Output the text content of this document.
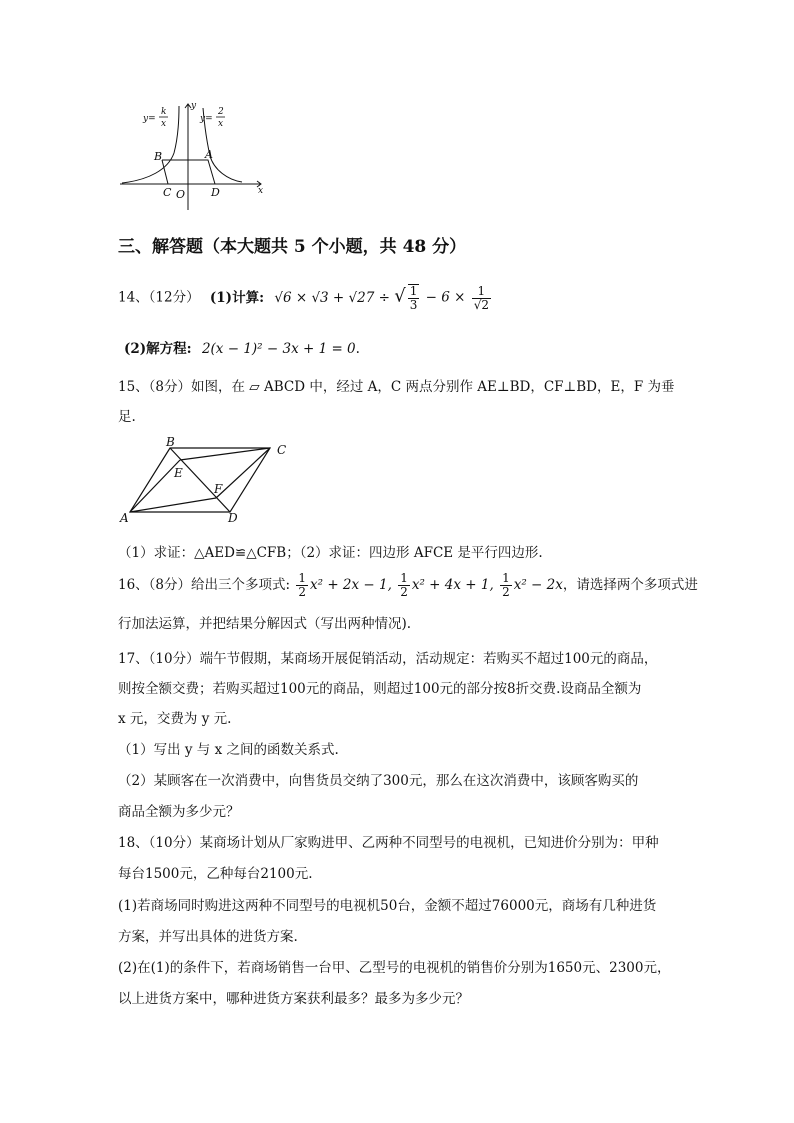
B	A
C O D
y
x
y=
k
x	y=
2
x
三、解答题（本大题共 5 个小题，共 48 分）
14、（12分） (1)计算: √6 × √3 + √27 ÷ √ $\frac{1}{3} - 6 \times \frac{1}{√2}$
(2)解方程: 2(x − 1)² − 3x + 1 = 0.
15、（8分）如图，在 ▱ ABCD 中，经过 A，C 两点分别作 AE⊥BD，CF⊥BD，E，F 为垂
足.
B
C
E
F
A	D
（1）求证：△AED≌△CFB；（2）求证：四边形 AFCE 是平行四边形.
16、（8分）给出三个多项式: $\frac{1}{2} x^2 + 2x - 1$, $\frac{1}{2} x^2 + 4x + 1$, $\frac{1}{2} x^2 - 2x$，请选择两个多项式进
行加法运算，并把结果分解因式（写出两种情况).
17、（10分）端午节假期，某商场开展促销活动，活动规定：若购买不超过100元的商品，
则按全额交费；若购买超过100元的商品，则超过100元的部分按8折交费.设商品全额为
x 元，交费为 y 元.
（1）写出 y 与 x 之间的函数关系式.
（2）某顾客在一次消费中，向售货员交纳了300元，那么在这次消费中，该顾客购买的
商品全额为多少元？
18、（10分）某商场计划从厂家购进甲、乙两种不同型号的电视机，已知进价分别为：甲种
每台1500元，乙种每台2100元.
(1)若商场同时购进这两种不同型号的电视机50台，金额不超过76000元，商场有几种进货
方案，并写出具体的进货方案.
(2)在(1)的条件下，若商场销售一台甲、乙型号的电视机的销售价分别为1650元、2300元，
以上进货方案中，哪种进货方案获利最多？最多为多少元？
